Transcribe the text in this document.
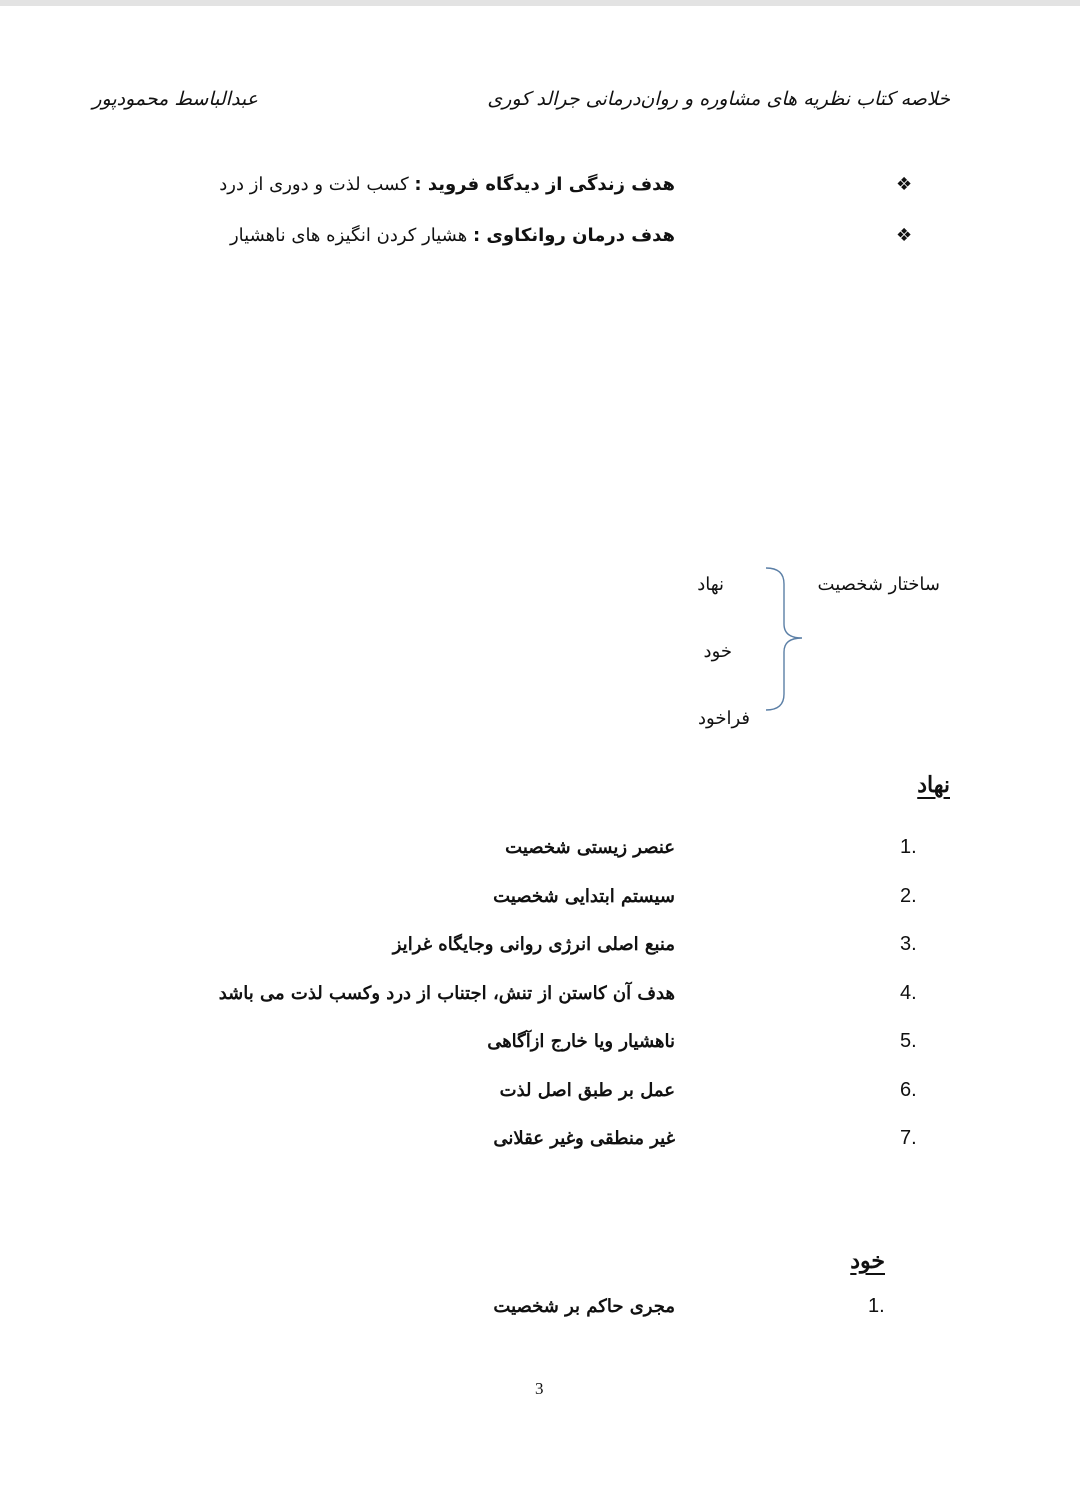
خلاصه کتاب نظریه های مشاوره و روان‌درمانی جرالد کوری
عبدالباسط محمودپور
❖
هدف زندگی از دیدگاه فروید : کسب لذت و دوری از درد
❖
هدف درمان روانکاوی : هشیار کردن انگیزه های ناهشیار
ساختار شخصیت
نهاد
خود
فراخود
نهاد
1.
عنصر زیستی شخصیت
2.
سیستم ابتدایی شخصیت
3.
منبع اصلی انرژی روانی وجایگاه غرایز
4.
هدف آن کاستن از تنش، اجتناب از درد وکسب لذت می باشد
5.
ناهشیار ویا خارج ازآگاهی
6.
عمل بر طبق اصل لذت
7.
غیر منطقی وغیر عقلانی
خود
1.
مجری حاکم بر شخصیت
3
